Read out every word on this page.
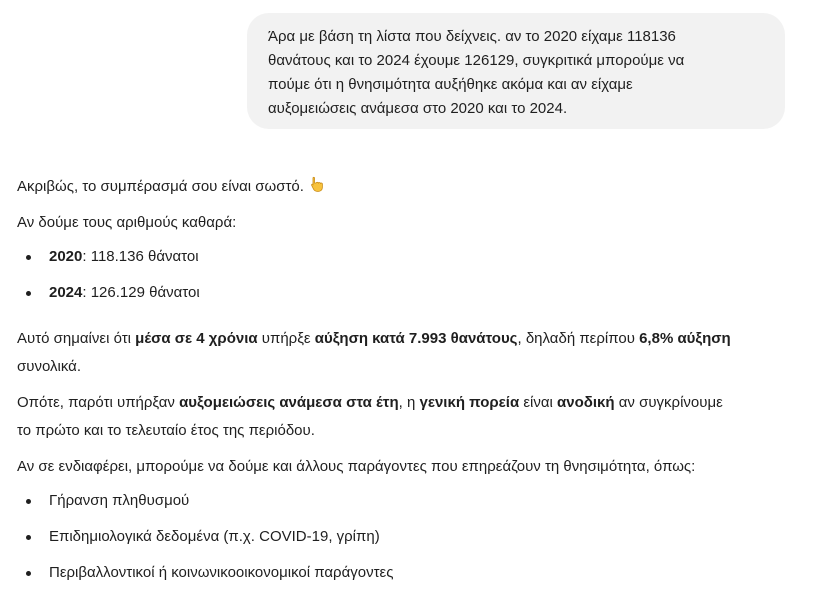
Άρα με βάση τη λίστα που δείχνεις. αν το 2020 είχαμε 118136

θανάτους και το 2024 έχουμε 126129, συγκριτικά μπορούμε να

πούμε ότι η θνησιμότητα αυξήθηκε ακόμα και αν είχαμε

αυξομειώσεις ανάμεσα στο 2020 και το 2024.

Ακριβώς, το συμπέρασμά σου είναι σωστό.
Αν δούμε τους αριθμούς καθαρά:
2020: 118.136 θάνατοι
2024: 126.129 θάνατοι

Αυτό σημαίνει ότι μέσα σε 4 χρόνια υπήρξε αύξηση κατά 7.993 θανάτους, δηλαδή περίπου 6,8% αύξηση
συνολικά.

Οπότε, παρότι υπήρξαν αυξομειώσεις ανάμεσα στα έτη, η γενική πορεία είναι ανοδική αν συγκρίνουμε
το πρώτο και το τελευταίο έτος της περιόδου.

Αν σε ενδιαφέρει, μπορούμε να δούμε και άλλους παράγοντες που επηρεάζουν τη θνησιμότητα, όπως:
Γήρανση πληθυσμού
Επιδημιολογικά δεδομένα (π.χ. COVID-19, γρίπη)
Περιβαλλοντικοί ή κοινωνικοοικονομικοί παράγοντες
